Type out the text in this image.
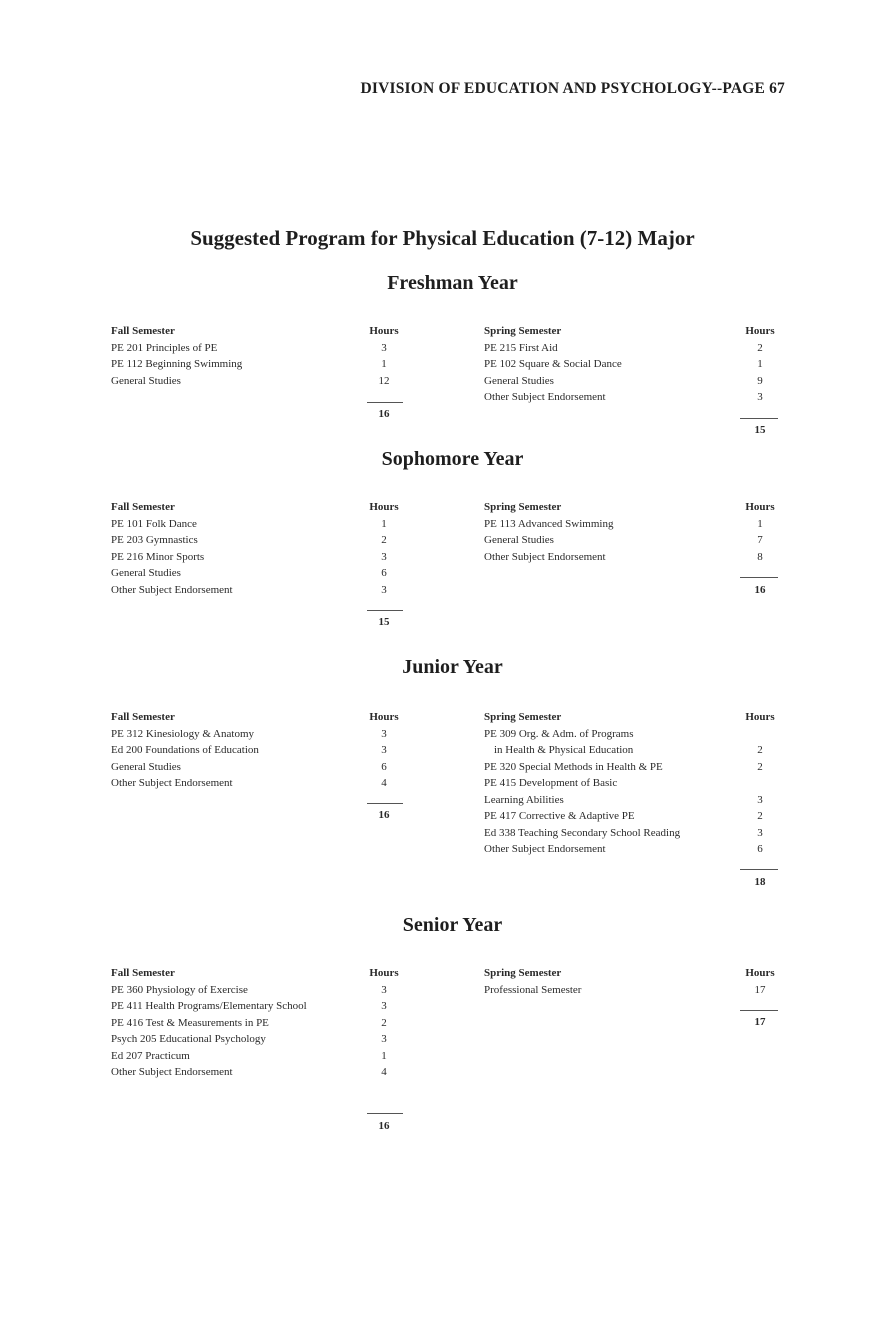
DIVISION OF EDUCATION AND PSYCHOLOGY--PAGE 67
Suggested Program for Physical Education (7-12) Major
Freshman Year
Fall Semester
PE 201 Principles of PE
PE 112 Beginning Swimming
General Studies
Hours
3
1
12
16
Spring Semester
PE 215 First Aid
PE 102 Square & Social Dance
General Studies
Other Subject Endorsement
Hours
2
1
9
3
15
Sophomore Year
Fall Semester
PE 101 Folk Dance
PE 203 Gymnastics
PE 216 Minor Sports
General Studies
Other Subject Endorsement
Hours
1
2
3
6
3
15
Spring Semester
PE 113 Advanced Swimming
General Studies
Other Subject Endorsement
Hours
1
7
8
16
Junior Year
Fall Semester
PE 312 Kinesiology & Anatomy
Ed 200 Foundations of Education
General Studies
Other Subject Endorsement
Hours
3
3
6
4
16
Spring Semester
PE 309 Org. & Adm. of Programs
in Health & Physical Education
PE 320 Special Methods in Health & PE
PE 415 Development of Basic
Learning Abilities
PE 417 Corrective & Adaptive PE
Ed 338 Teaching Secondary School Reading
Other Subject Endorsement
Hours

2
2

3
2
3
6
18
Senior Year
Fall Semester
PE 360 Physiology of Exercise
PE 411 Health Programs/Elementary School
PE 416 Test & Measurements in PE
Psych 205 Educational Psychology
Ed 207 Practicum
Other Subject Endorsement
Hours
3
3
2
3
1
4
16
Spring Semester
Professional Semester
Hours
17
17
